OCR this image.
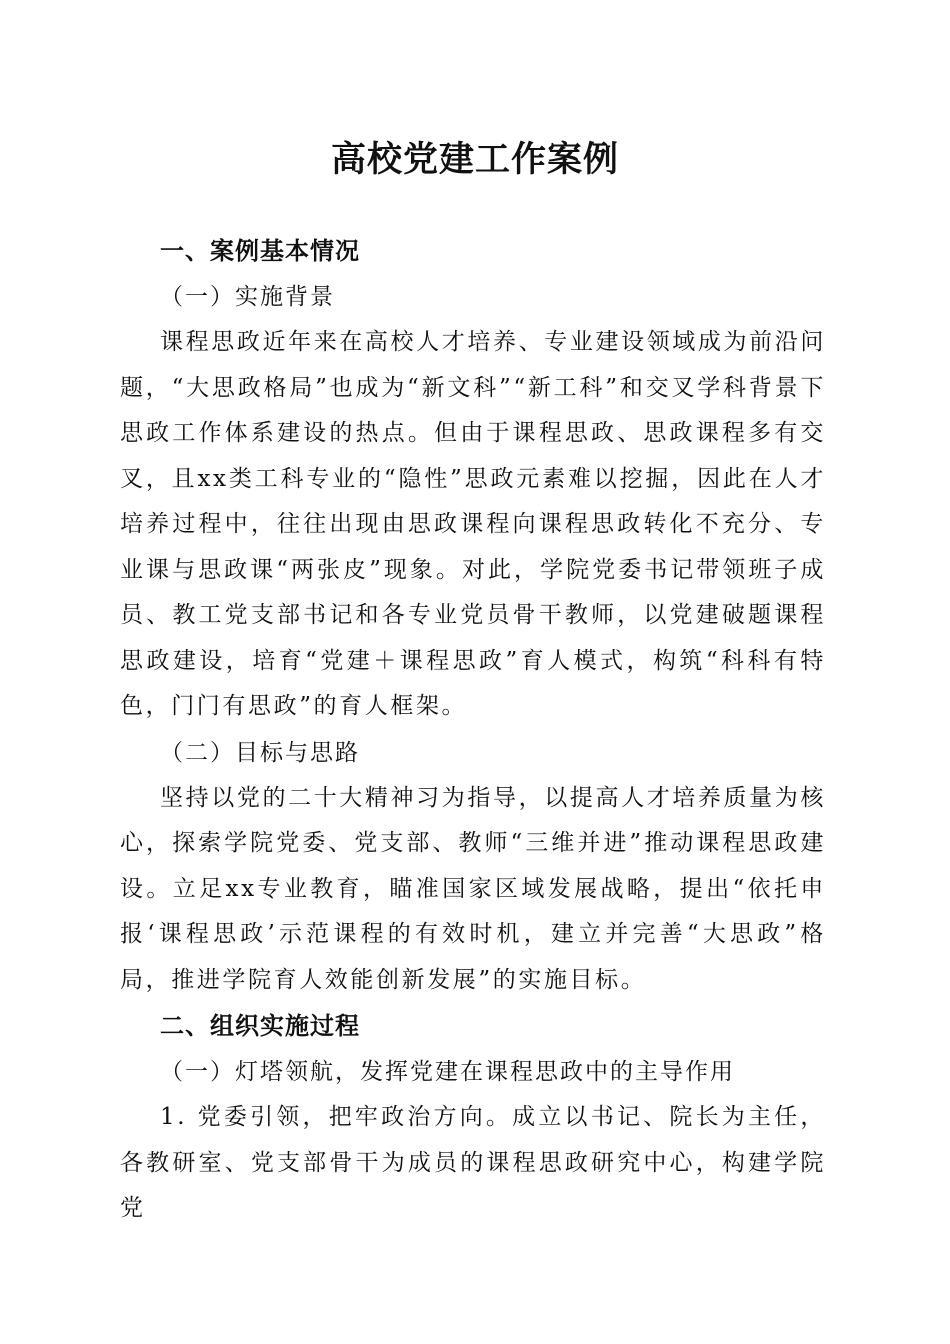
高校党建工作案例
一、案例基本情况
（一）实施背景

课程思政近年来在高校人才培养、专业建设领域成为前沿问题，“大思政格局”也成为“新文科”“新工科”和交叉学科背景下思政工作体系建设的热点。但由于课程思政、思政课程多有交叉，且xx类工科专业的“隐性”思政元素难以挖掘，因此在人才培养过程中，往往出现由思政课程向课程思政转化不充分、专业课与思政课“两张皮”现象。对此，学院党委书记带领班子成员、教工党支部书记和各专业党员骨干教师，以党建破题课程思政建设，培育“党建＋课程思政”育人模式，构筑“科科有特色，门门有思政”的育人框架。

（二）目标与思路

坚持以党的二十大精神习为指导，以提高人才培养质量为核心，探索学院党委、党支部、教师“三维并进”推动课程思政建设。立足xx专业教育，瞄准国家区域发展战略，提出“依托申报‘课程思政’示范课程的有效时机，建立并完善“大思政”格局，推进学院育人效能创新发展”的实施目标。

二、组织实施过程
（一）灯塔领航，发挥党建在课程思政中的主导作用

1. 党委引领，把牢政治方向。成立以书记、院长为主任，各教研室、党支部骨干为成员的课程思政研究中心，构建学院党
